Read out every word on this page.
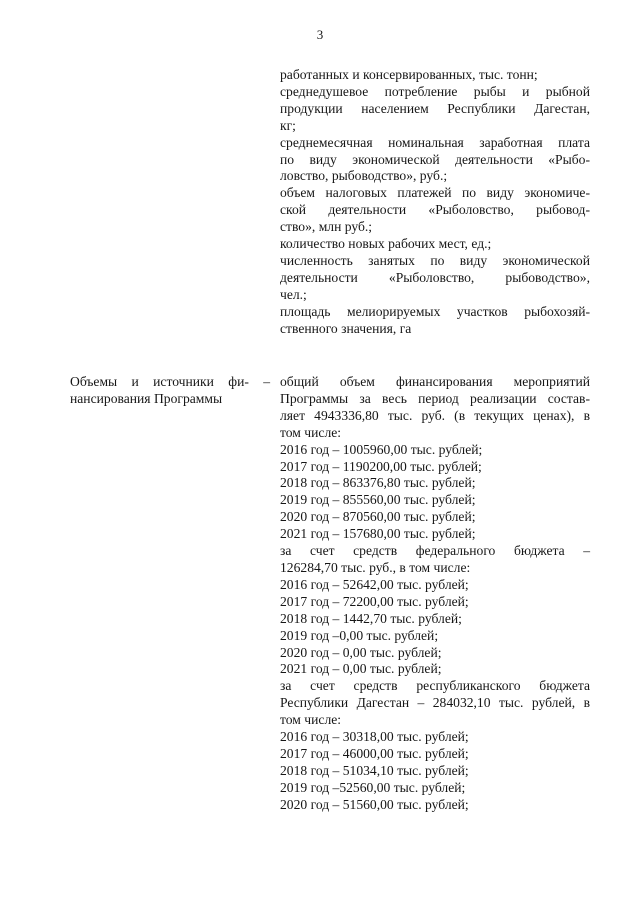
3
работанных и консервированных, тыс. тонн;
среднедушевое потребление рыбы и рыбной
продукции населением Республики Дагестан,
кг;
среднемесячная номинальная заработная плата
по виду экономической деятельности «Рыбо-
ловство, рыбоводство», руб.;
объем налоговых платежей по виду экономиче-
ской деятельности «Рыболовство, рыбовод-
ство», млн руб.;
количество новых рабочих мест, ед.;
численность занятых по виду экономической
деятельности «Рыболовство, рыбоводство»,
чел.;
площадь мелиорируемых участков рыбохозяй-
ственного значения, га
Объемы и источники фи- –
нансирования Программы
общий объем финансирования мероприятий
Программы за весь период реализации состав-
ляет 4943336,80 тыс. руб. (в текущих ценах), в
том числе:
2016 год – 1005960,00 тыс. рублей;
2017 год – 1190200,00 тыс. рублей;
2018 год – 863376,80 тыс. рублей;
2019 год – 855560,00 тыс. рублей;
2020 год – 870560,00 тыс. рублей;
2021 год – 157680,00 тыс. рублей;
за счет средств федерального бюджета –
126284,70 тыс. руб., в том числе:
2016 год – 52642,00 тыс. рублей;
2017 год – 72200,00 тыс. рублей;
2018 год – 1442,70 тыс. рублей;
2019 год –0,00 тыс. рублей;
2020 год – 0,00 тыс. рублей;
2021 год – 0,00 тыс. рублей;
за счет средств республиканского бюджета
Республики Дагестан – 284032,10 тыс. рублей, в
том числе:
2016 год – 30318,00 тыс. рублей;
2017 год – 46000,00 тыс. рублей;
2018 год – 51034,10 тыс. рублей;
2019 год –52560,00 тыс. рублей;
2020 год – 51560,00 тыс. рублей;
